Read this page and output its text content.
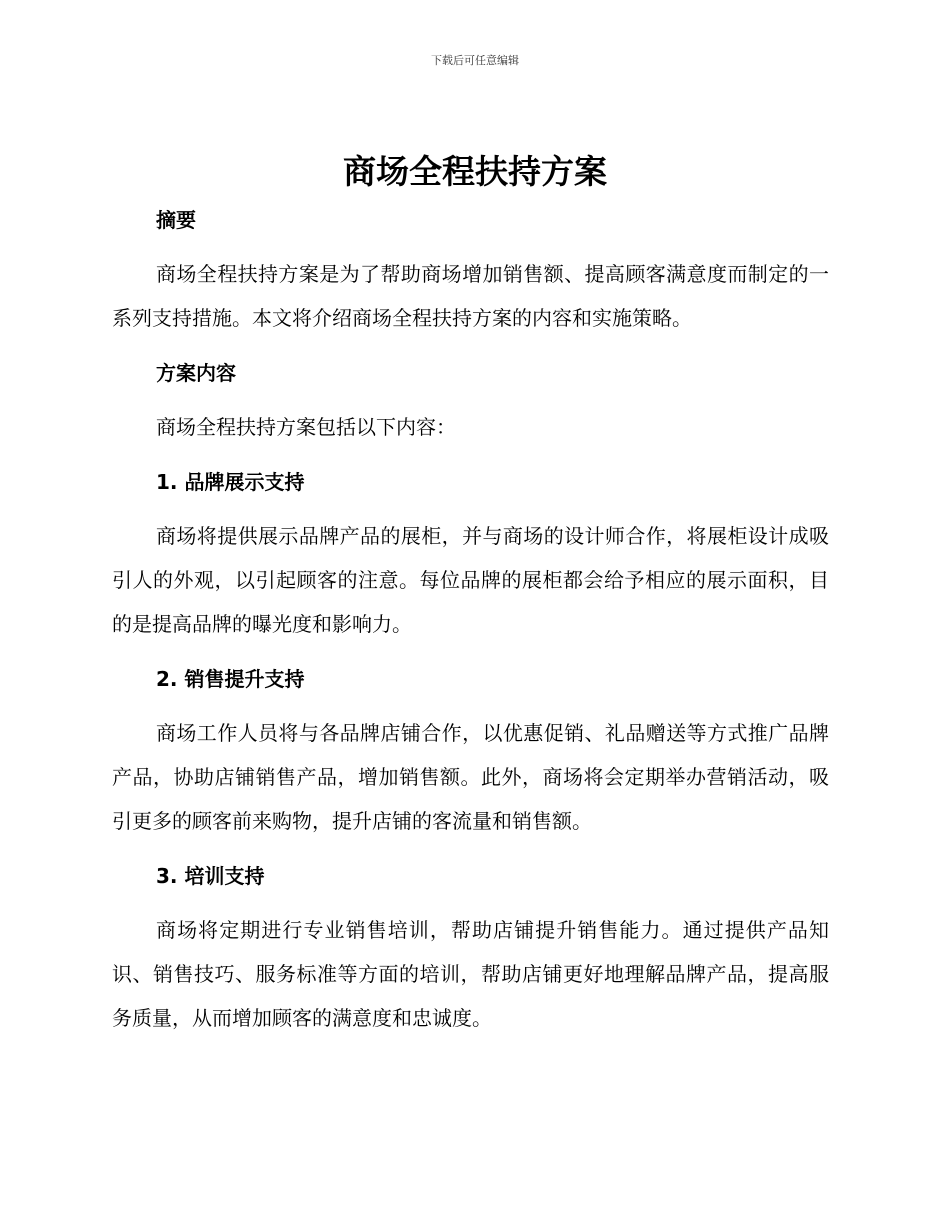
下载后可任意编辑
商场全程扶持方案
摘要

商场全程扶持方案是为了帮助商场增加销售额、提高顾客满意度而制定的一系列支持措施。本文将介绍商场全程扶持方案的内容和实施策略。

方案内容

商场全程扶持方案包括以下内容：

1. 品牌展示支持

商场将提供展示品牌产品的展柜，并与商场的设计师合作，将展柜设计成吸引人的外观，以引起顾客的注意。每位品牌的展柜都会给予相应的展示面积，目的是提高品牌的曝光度和影响力。

2. 销售提升支持

商场工作人员将与各品牌店铺合作，以优惠促销、礼品赠送等方式推广品牌产品，协助店铺销售产品，增加销售额。此外，商场将会定期举办营销活动，吸引更多的顾客前来购物，提升店铺的客流量和销售额。

3. 培训支持

商场将定期进行专业销售培训，帮助店铺提升销售能力。通过提供产品知识、销售技巧、服务标准等方面的培训，帮助店铺更好地理解品牌产品，提高服务质量，从而增加顾客的满意度和忠诚度。
